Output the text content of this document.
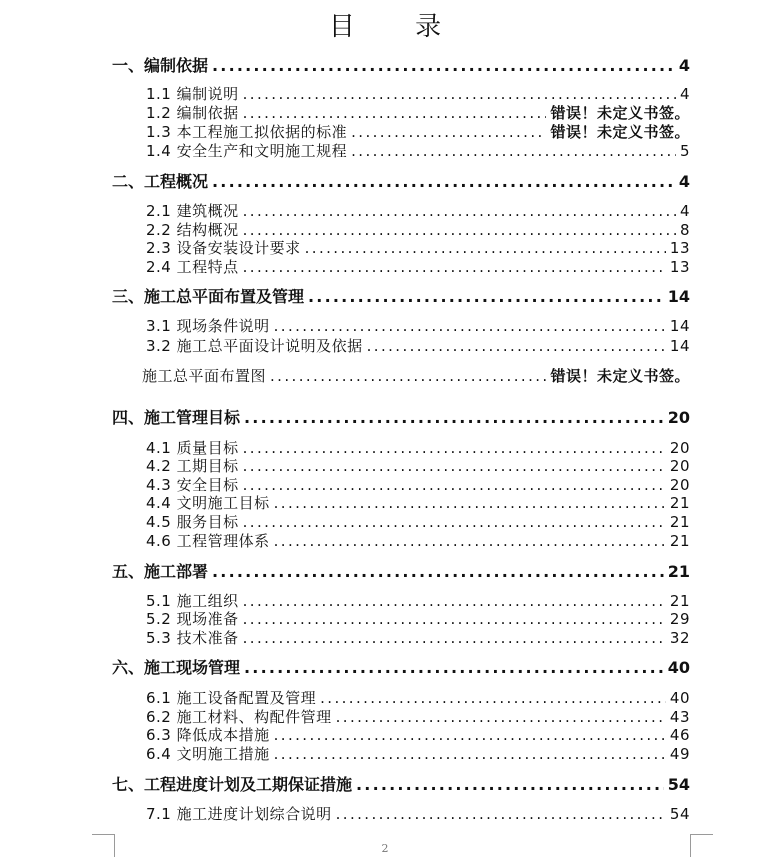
目 录
一、编制依据 .....	4
1.1 编制说明 .....	4
1.2 编制依据 .....	错误！未定义书签。
1.3 本工程施工拟依据的标准 .....	错误！未定义书签。
1.4 安全生产和文明施工规程 .....	5
二、工程概况 .....	4
2.1 建筑概况 .....	4
2.2 结构概况 .....	8
2.3 设备安装设计要求 .....	13
2.4 工程特点 .....	13
三、施工总平面布置及管理 .....	14
3.1 现场条件说明 .....	14
3.2 施工总平面设计说明及依据 .....	14
施工总平面布置图 .....	错误！未定义书签。
四、施工管理目标 .....	20
4.1 质量目标 .....	20
4.2 工期目标 .....	20
4.3 安全目标 .....	20
4.4 文明施工目标 .....	21
4.5 服务目标 .....	21
4.6 工程管理体系 .....	21
五、施工部署 .....	21
5.1 施工组织 .....	21
5.2 现场准备 .....	29
5.3 技术准备 .....	32
六、施工现场管理 .....	40
6.1 施工设备配置及管理 .....	40
6.2 施工材料、构配件管理 .....	43
6.3 降低成本措施 .....	46
6.4 文明施工措施 .....	49
七、工程进度计划及工期保证措施 .....	54
7.1 施工进度计划综合说明 .....	54
2
